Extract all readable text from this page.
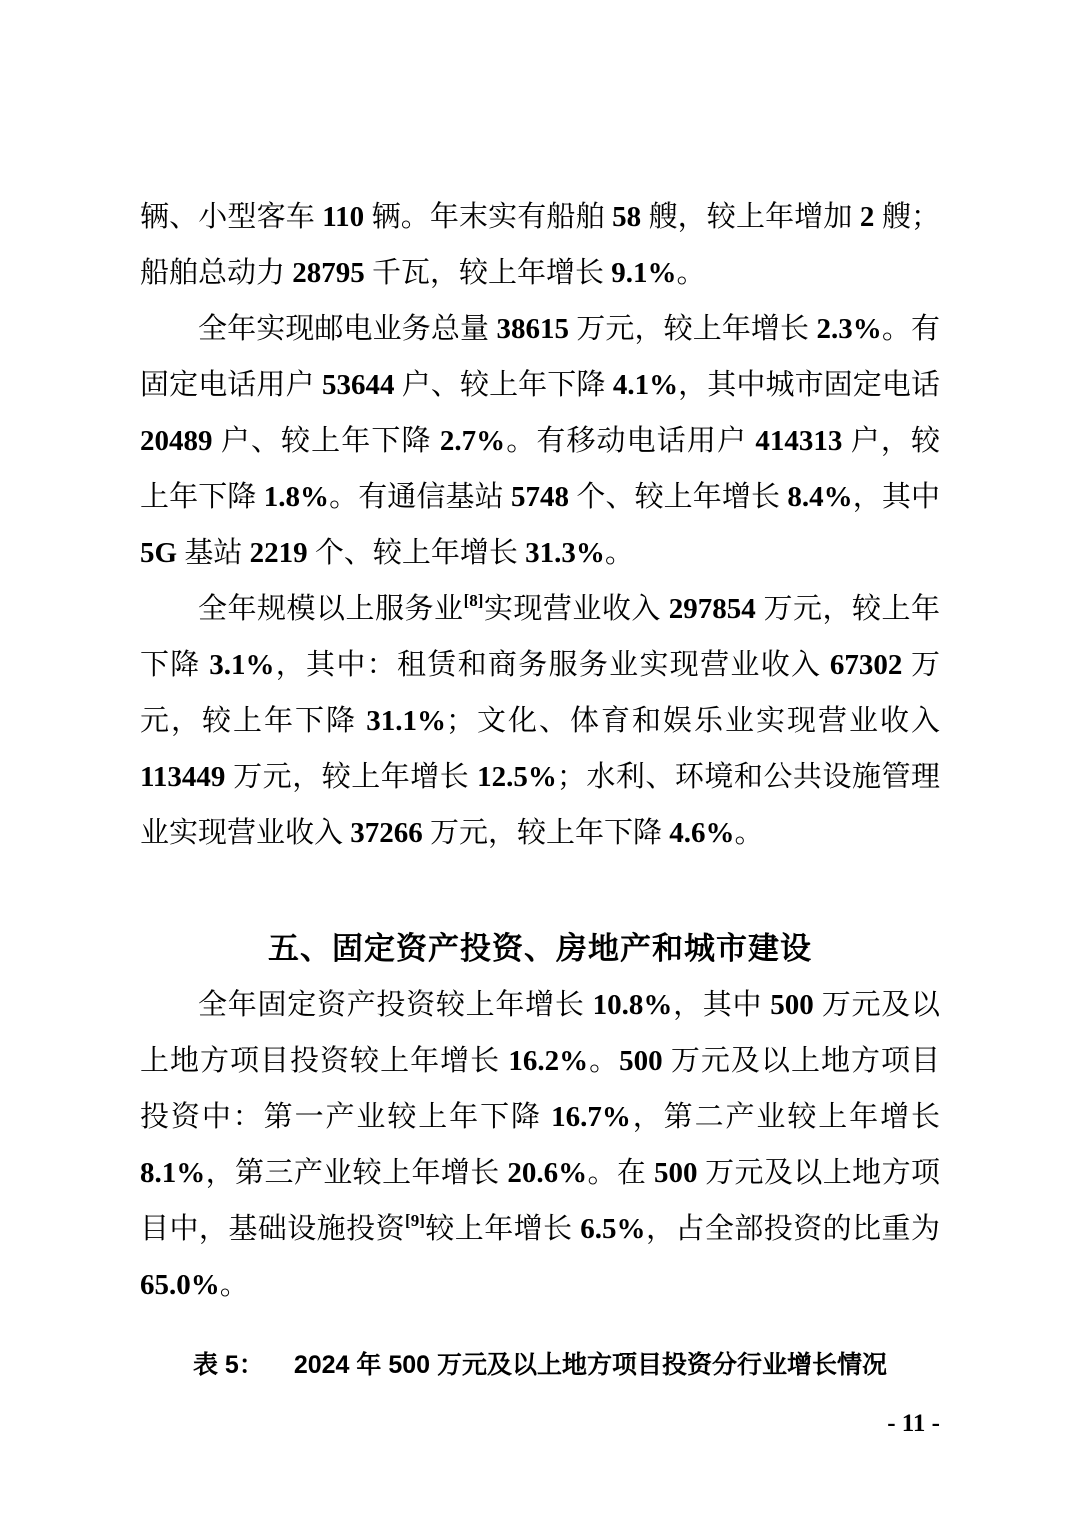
辆、小型客车 110 辆。年末实有船舶 58 艘，较上年增加 2 艘；船舶总动力 28795 千瓦，较上年增长 9.1%。

全年实现邮电业务总量 38615 万元，较上年增长 2.3%。有固定电话用户 53644 户、较上年下降 4.1%，其中城市固定电话 20489 户、较上年下降 2.7%。有移动电话用户 414313 户，较上年下降 1.8%。有通信基站 5748 个、较上年增长 8.4%，其中 5G 基站 2219 个、较上年增长 31.3%。

全年规模以上服务业[8]实现营业收入 297854 万元，较上年下降 3.1%，其中：租赁和商务服务业实现营业收入 67302 万元，较上年下降 31.1%；文化、体育和娱乐业实现营业收入 113449 万元，较上年增长 12.5%；水利、环境和公共设施管理业实现营业收入 37266 万元，较上年下降 4.6%。

五、固定资产投资、房地产和城市建设

全年固定资产投资较上年增长 10.8%，其中 500 万元及以上地方项目投资较上年增长 16.2%。500 万元及以上地方项目投资中：第一产业较上年下降 16.7%，第二产业较上年增长 8.1%，第三产业较上年增长 20.6%。在 500 万元及以上地方项目中，基础设施投资[9]较上年增长 6.5%，占全部投资的比重为 65.0%。

表 5： 2024 年 500 万元及以上地方项目投资分行业增长情况

- 11 -
